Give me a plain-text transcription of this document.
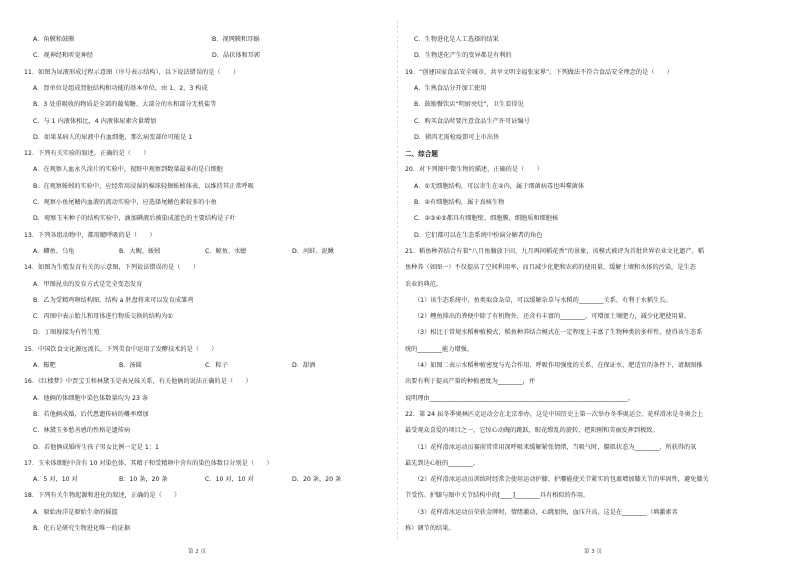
A．角膜和鼓膜	B．视网膜和耳蜗
C．视神经和听觉神经	D．晶状体和耳郭
11．如图为尿液形成过程示意图（序号表示结构），以下说法错误的是（　　）
A．肾单位是组成肾脏结构和功能的基本单位，由 1、2、3 构成
B．3 处重吸收的物质是全部的葡萄糖、大部分的水和部分无机盐等
C．与 1 内液体相比，4 内液体尿素含量增加
D．如果某病人的尿液中有血细胞，那么病变部位可能是 1
12．下列有关实验的叙述，正确的是（　　）
A．在观察人血永久涂片的实验中，视野中观察到数量最多的是白细胞
B．在观察蚯蚓的实验中，应经常用浸湿的棉球轻擦蚯蚓体表，以维持其正常呼吸
C．观察小鱼尾鳍内血液的流动实验中，应选择尾鳍色素较多的小鱼
D．观察玉米种子的结构实验中，滴加碘液后被染成蓝色的主要结构是子叶
13．下列各组动物中，都用鳃呼吸的是（　　）
A．鲫鱼、乌龟	B．大鲵、蚯蚓	C．鲸鱼、水螅	D．河蚌、泥鳅
14．如图为生殖发育有关的示意图，下列说法错误的是（　　）
A．甲图昆虫的发育方式是完全变态发育
B．乙为受精鸡卵结构图，结构 a 胚盘将来可以发育成雏鸡
C．丙图中表示胎儿和母体进行物质交换的结构为①
D．丁图嫁接为有性生殖
15．中国饮食文化源远流长，下列美食中运用了发酵技术的是（　　）
A．糍粑	B．汤圆	C．粽子	D．甜酒
16．《红楼梦》中贾宝玉和林黛玉是表兄妹关系，有关他俩的说法正确的是（　　）
A．他俩的体细胞中染色体数量均为 23 条
B．若他俩成婚，后代患遗传病的概率增加
C．林黛玉多愁善感的性格是遗传病
D．若他俩成婚所生孩子男女比例一定是 1：1
17．玉米体细胞中含有 10 对染色体，其精子和受精卵中含有的染色体数目分别是（　　）
A．5 对，10 对	B．10 条，20 条	C．10 对，10 对	D．20 条，20 条
18．下列有关生物起源和进化的叙述，正确的是（　　）
A．原始海洋是原始生命的摇篮
B．化石是研究生物进化唯一的证据
C．生物进化是人工选择的结果
D．生物进化产生的变异都是有利的
19．“创建国家食品安全城市，共享文明幸福张家界”。下列做法不符合食品安全理念的是（　　）
A．生熟食品分开加工使用
B．鼓励餐饮店“明厨亮灶”，卫生看得见
C．购买食品时要注意食品生产许可证编号
D．猪肉无需检疫即可上市出售
二、综合题
20．对下列图中微生物的描述，正确的是（　　）
A．①无细胞结构，可以寄生在②内，属于细菌病毒也叫噬菌体
B．②有细胞结构，属于真核生物
C．②③④⑤都具有细胞壁、细胞膜、细胞质和细胞核
D．它们都可以在生态系统中扮演分解者的角色
21．稻鱼种养结合有着“八月鱼腩放下田，九月再间稻花香”的景象，该模式被评为首批世界农业文化遗产。稻
鱼种养（如图一）不仅提高了空间利用率，而且减少化肥和农药的使用量，缓解土壤和水体的污染，是生态
农业的典范。
（1）该生态系统中，鱼类取食杂草，可以缓解杂草与水稻的________关系，有利于水稻生长。
（2）鲤鱼排出的粪便中除了有机物外，还含有丰富的________，可增加土壤肥力，减少化肥使用量。
（3）相比于常规水稻种植模式，稻鱼种养结合模式在一定程度上丰富了生物种类的多样性，使得该生态系
统的________能力增强。
（4）如图二表示水稻种植密度与光合作用、呼吸作用强度的关系，在保证水、肥适宜的条件下，请据图推
出要有利于提高产量的种植密度为________，并
说明理由________________________________________________________________。
22．第 24 届冬季奥林匹克运动会在北京举办，这是中国历史上第一次举办冬季奥运会。花样滑冰是冬奥会上
最受观众喜爱的项目之一，它惊心动魄的跳跃，眼花缭乱的旋转，把阳刚和美丽发挥到极致。
（1）花样滑冰运动员赛前常常用深呼吸来缓解紧张情绪，当吸气时，膈肌状态为________，所获得的氧
最先到达心脏的________。
（2）花样滑冰运动员训练时经常会使用运动护膝、护腰能使关节紧实的包裹增加膝关节的牢固性，避免膝关
节受伤。护膝与图中关节结构中的[____]________具有相似的作用。
（3）花样滑冰运动员荣获金牌时，情绪激动，心跳加快，血压升高，这是在________（填激素名
称）调节的结果。
第 2 页	第 3 页
